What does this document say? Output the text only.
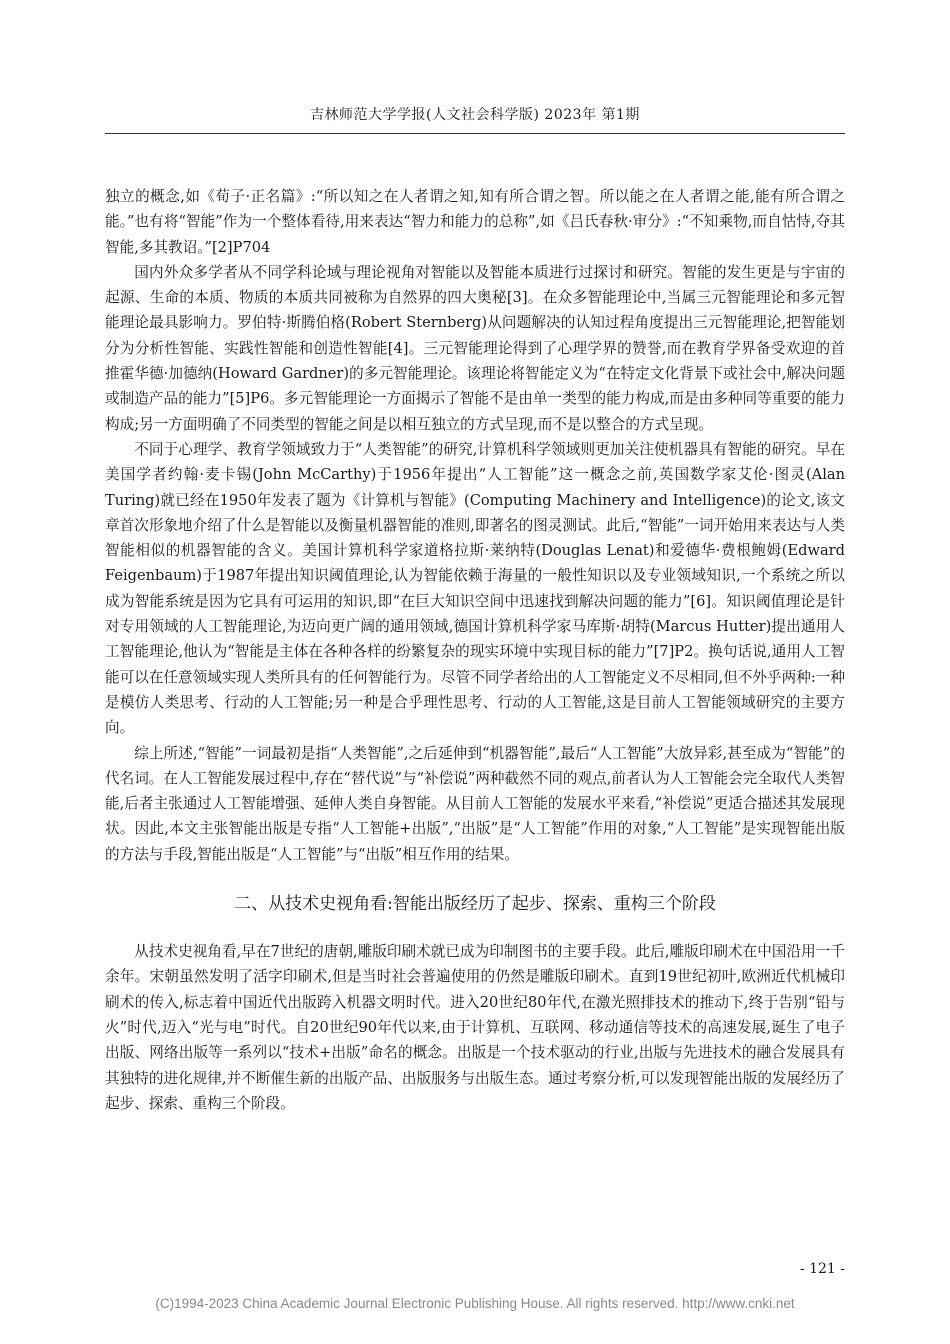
吉林师范大学学报(人文社会科学版) 2023年 第1期

独立的概念,如《荀子·正名篇》:“所以知之在人者谓之知,知有所合谓之智。所以能之在人者谓之能,能有所合谓之能。”也有将“智能”作为一个整体看待,用来表达“智力和能力的总称”,如《吕氏春秋·审分》:“不知乘物,而自怙恃,夺其智能,多其教诏。”[2]P704

国内外众多学者从不同学科论域与理论视角对智能以及智能本质进行过探讨和研究。智能的发生更是与宇宙的起源、生命的本质、物质的本质共同被称为自然界的四大奥秘[3]。在众多智能理论中,当属三元智能理论和多元智能理论最具影响力。罗伯特·斯腾伯格(Robert Sternberg)从问题解决的认知过程角度提出三元智能理论,把智能划分为分析性智能、实践性智能和创造性智能[4]。三元智能理论得到了心理学界的赞誉,而在教育学界备受欢迎的首推霍华德·加德纳(Howard Gardner)的多元智能理论。该理论将智能定义为“在特定文化背景下或社会中,解决问题或制造产品的能力”[5]P6。多元智能理论一方面揭示了智能不是由单一类型的能力构成,而是由多种同等重要的能力构成;另一方面明确了不同类型的智能之间是以相互独立的方式呈现,而不是以整合的方式呈现。

不同于心理学、教育学领域致力于“人类智能”的研究,计算机科学领域则更加关注使机器具有智能的研究。早在美国学者约翰·麦卡锡(John McCarthy)于1956年提出“人工智能”这一概念之前,英国数学家艾伦·图灵(Alan Turing)就已经在1950年发表了题为《计算机与智能》(Computing Machinery and Intelligence)的论文,该文章首次形象地介绍了什么是智能以及衡量机器智能的准则,即著名的图灵测试。此后,“智能”一词开始用来表达与人类智能相似的机器智能的含义。美国计算机科学家道格拉斯·莱纳特(Douglas Lenat)和爱德华·费根鲍姆(Edward Feigenbaum)于1987年提出知识阈值理论,认为智能依赖于海量的一般性知识以及专业领域知识,一个系统之所以成为智能系统是因为它具有可运用的知识,即“在巨大知识空间中迅速找到解决问题的能力”[6]。知识阈值理论是针对专用领域的人工智能理论,为迈向更广阔的通用领域,德国计算机科学家马库斯·胡特(Marcus Hutter)提出通用人工智能理论,他认为“智能是主体在各种各样的纷繁复杂的现实环境中实现目标的能力”[7]P2。换句话说,通用人工智能可以在任意领域实现人类所具有的任何智能行为。尽管不同学者给出的人工智能定义不尽相同,但不外乎两种:一种是模仿人类思考、行动的人工智能;另一种是合乎理性思考、行动的人工智能,这是目前人工智能领域研究的主要方向。

综上所述,“智能”一词最初是指“人类智能”,之后延伸到“机器智能”,最后“人工智能”大放异彩,甚至成为“智能”的代名词。在人工智能发展过程中,存在“替代说”与“补偿说”两种截然不同的观点,前者认为人工智能会完全取代人类智能,后者主张通过人工智能增强、延伸人类自身智能。从目前人工智能的发展水平来看,“补偿说”更适合描述其发展现状。因此,本文主张智能出版是专指“人工智能+出版”,“出版”是“人工智能”作用的对象,“人工智能”是实现智能出版的方法与手段,智能出版是“人工智能”与“出版”相互作用的结果。

二、从技术史视角看:智能出版经历了起步、探索、重构三个阶段

从技术史视角看,早在7世纪的唐朝,雕版印刷术就已成为印制图书的主要手段。此后,雕版印刷术在中国沿用一千余年。宋朝虽然发明了活字印刷术,但是当时社会普遍使用的仍然是雕版印刷术。直到19世纪初叶,欧洲近代机械印刷术的传入,标志着中国近代出版跨入机器文明时代。进入20世纪80年代,在激光照排技术的推动下,终于告别“铅与火”时代,迈入“光与电”时代。自20世纪90年代以来,由于计算机、互联网、移动通信等技术的高速发展,诞生了电子出版、网络出版等一系列以“技术+出版”命名的概念。出版是一个技术驱动的行业,出版与先进技术的融合发展具有其独特的进化规律,并不断催生新的出版产品、出版服务与出版生态。通过考察分析,可以发现智能出版的发展经历了起步、探索、重构三个阶段。

- 121 -
(C)1994-2023 China Academic Journal Electronic Publishing House. All rights reserved. http://www.cnki.net
